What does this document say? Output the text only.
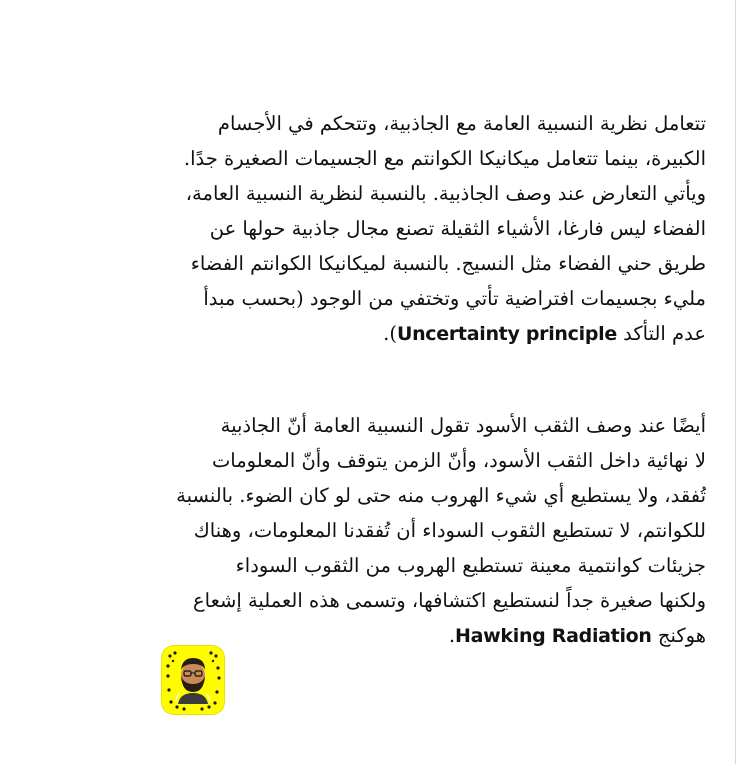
تتعامل نظرية النسبية العامة مع الجاذبية، وتتحكم في الأجسام
الكبيرة، بينما تتعامل ميكانيكا الكوانتم مع الجسيمات الصغيرة جدًا.
ويأتي التعارض عند وصف الجاذبية. بالنسبة لنظرية النسبية العامة،
الفضاء ليس فارغا، الأشياء الثقيلة تصنع مجال جاذبية حولها عن
طريق حني الفضاء مثل النسيج. بالنسبة لميكانيكا الكوانتم الفضاء
مليء بجسيمات افتراضية تأتي وتختفي من الوجود (بحسب مبدأ
عدم التأكد Uncertainty principle).
أيضًا عند وصف الثقب الأسود تقول النسبية العامة أنّ الجاذبية
لا نهائية داخل الثقب الأسود، وأنّ الزمن يتوقف وأنّ المعلومات
تُفقد، ولا يستطيع أي شيء الهروب منه حتى لو كان الضوء. بالنسبة
للكوانتم، لا تستطيع الثقوب السوداء أن تُفقدنا المعلومات، وهناك
جزيئات كوانتمية معينة تستطيع الهروب من الثقوب السوداء
ولكنها صغيرة جداً لنستطيع اكتشافها، وتسمى هذه العملية إشعاع
هوكنج Hawking Radiation.
